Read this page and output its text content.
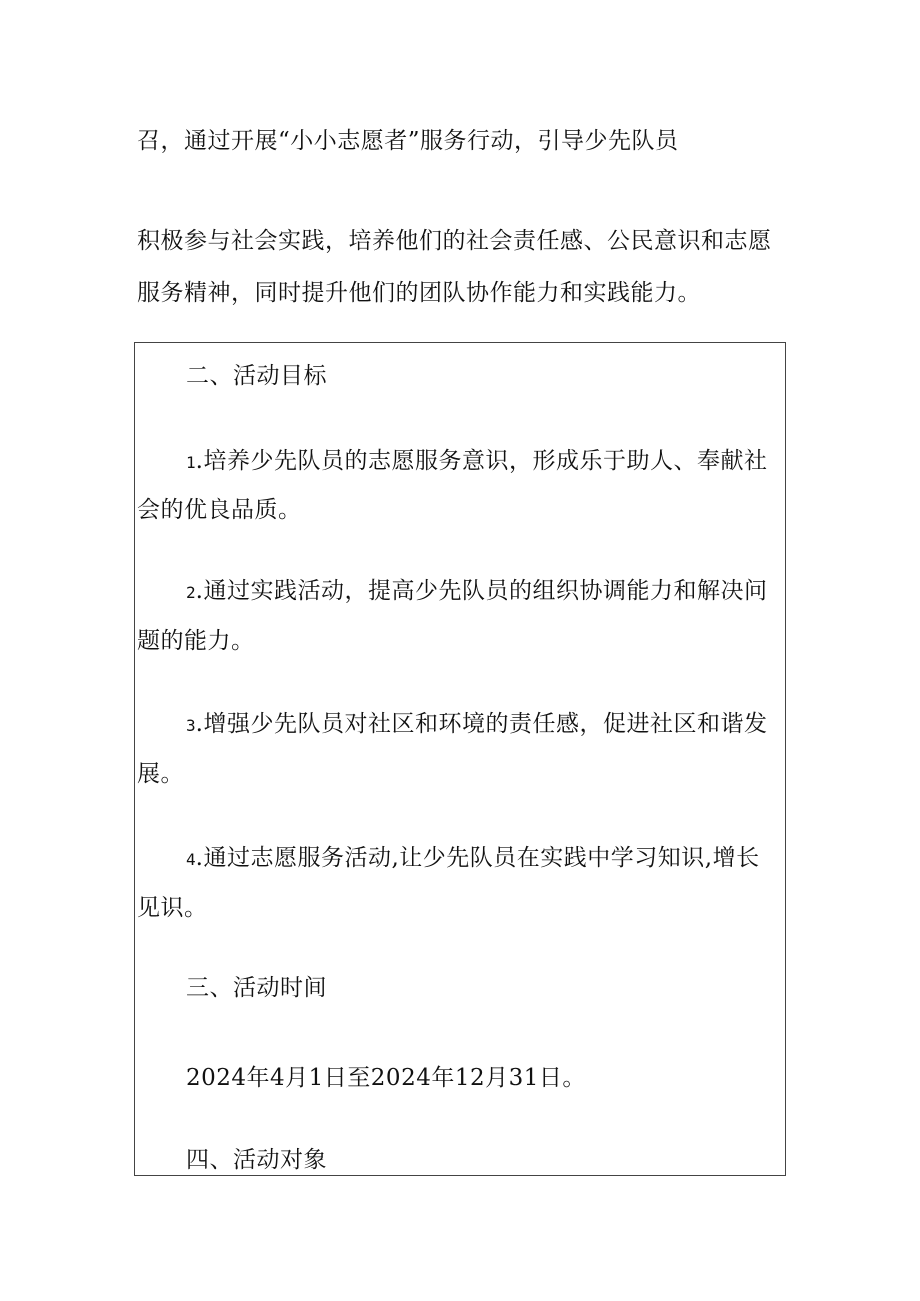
召，通过开展“小小志愿者”服务行动，引导少先队员
积极参与社会实践，培养他们的社会责任感、公民意识和志愿
服务精神，同时提升他们的团队协作能力和实践能力。
二、活动目标
1.培养少先队员的志愿服务意识，形成乐于助人、奉献社
会的优良品质。
2.通过实践活动，提高少先队员的组织协调能力和解决问
题的能力。
3.增强少先队员对社区和环境的责任感，促进社区和谐发
展。
4.通过志愿服务活动,让少先队员在实践中学习知识,增长
见识。
三、活动时间
2024年4月1日至2024年12月31日。
四、活动对象
